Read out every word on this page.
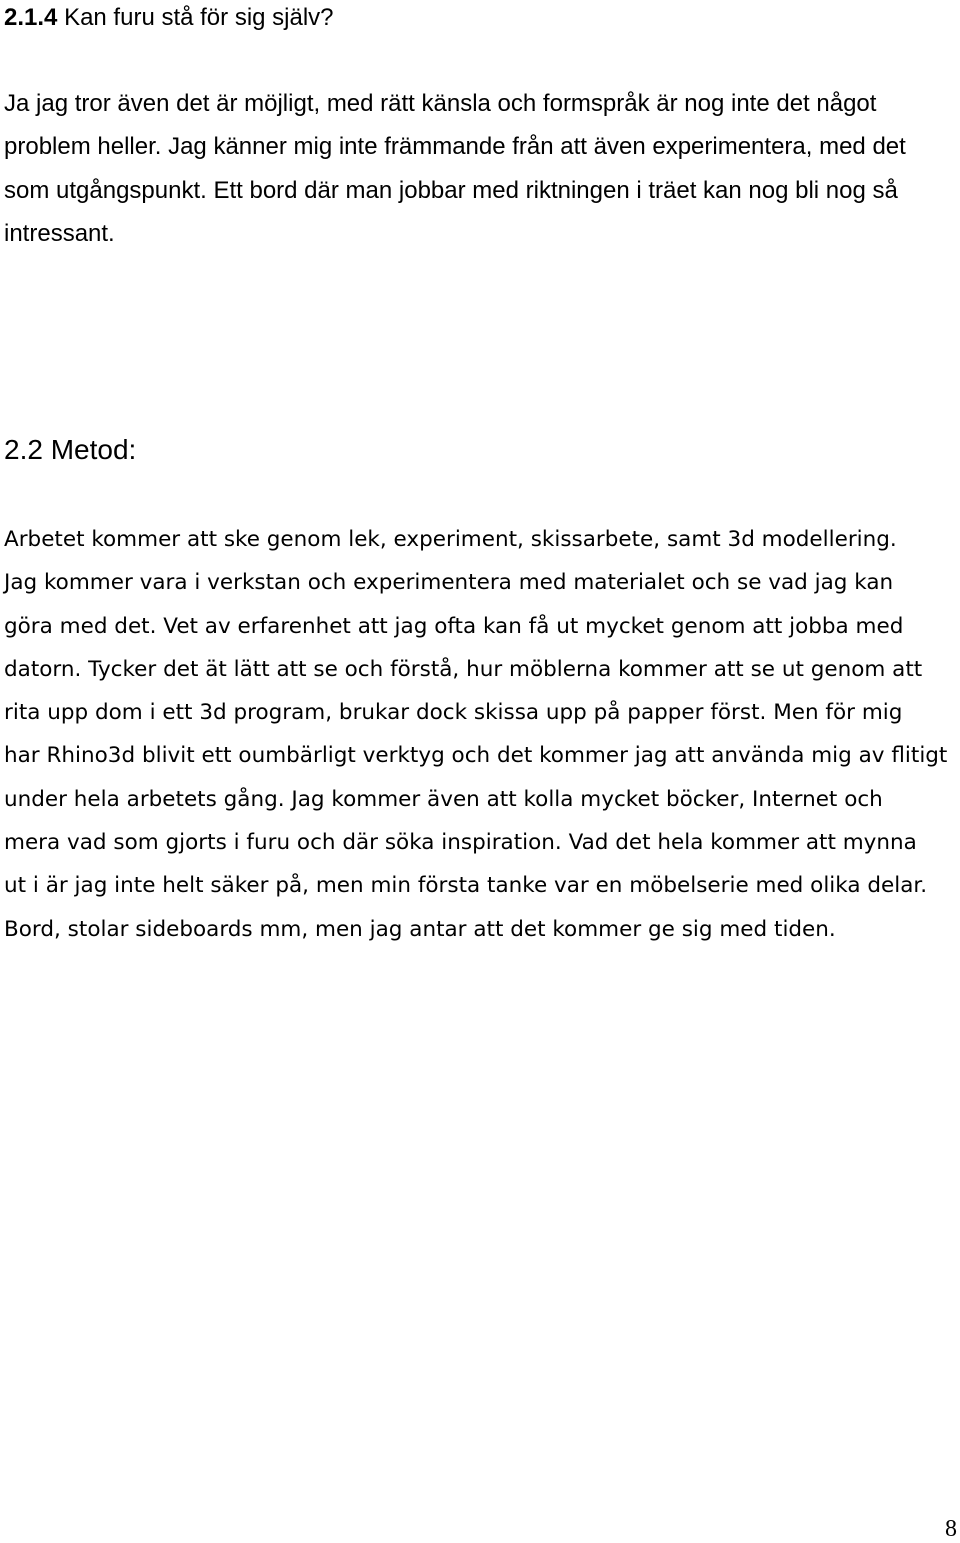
2.1.4 Kan furu stå för sig själv?

Ja jag tror även det är möjligt, med rätt känsla och formspråk är nog inte det något
problem heller. Jag känner mig inte främmande från att även experimentera, med det
som utgångspunkt. Ett bord där man jobbar med riktningen i träet kan nog bli nog så
intressant.

2.2 Metod:

Arbetet kommer att ske genom lek, experiment, skissarbete, samt 3d modellering.
Jag kommer vara i verkstan och experimentera med materialet och se vad jag kan
göra med det. Vet av erfarenhet att jag ofta kan få ut mycket genom att jobba med
datorn. Tycker det ät lätt att se och förstå, hur möblerna kommer att se ut genom att
rita upp dom i ett 3d program, brukar dock skissa upp på papper först. Men för mig
har Rhino3d blivit ett oumbärligt verktyg och det kommer jag att använda mig av flitigt
under hela arbetets gång. Jag kommer även att kolla mycket böcker, Internet och
mera vad som gjorts i furu och där söka inspiration. Vad det hela kommer att mynna
ut i är jag inte helt säker på, men min första tanke var en möbelserie med olika delar.
Bord, stolar sideboards mm, men jag antar att det kommer ge sig med tiden.

8
